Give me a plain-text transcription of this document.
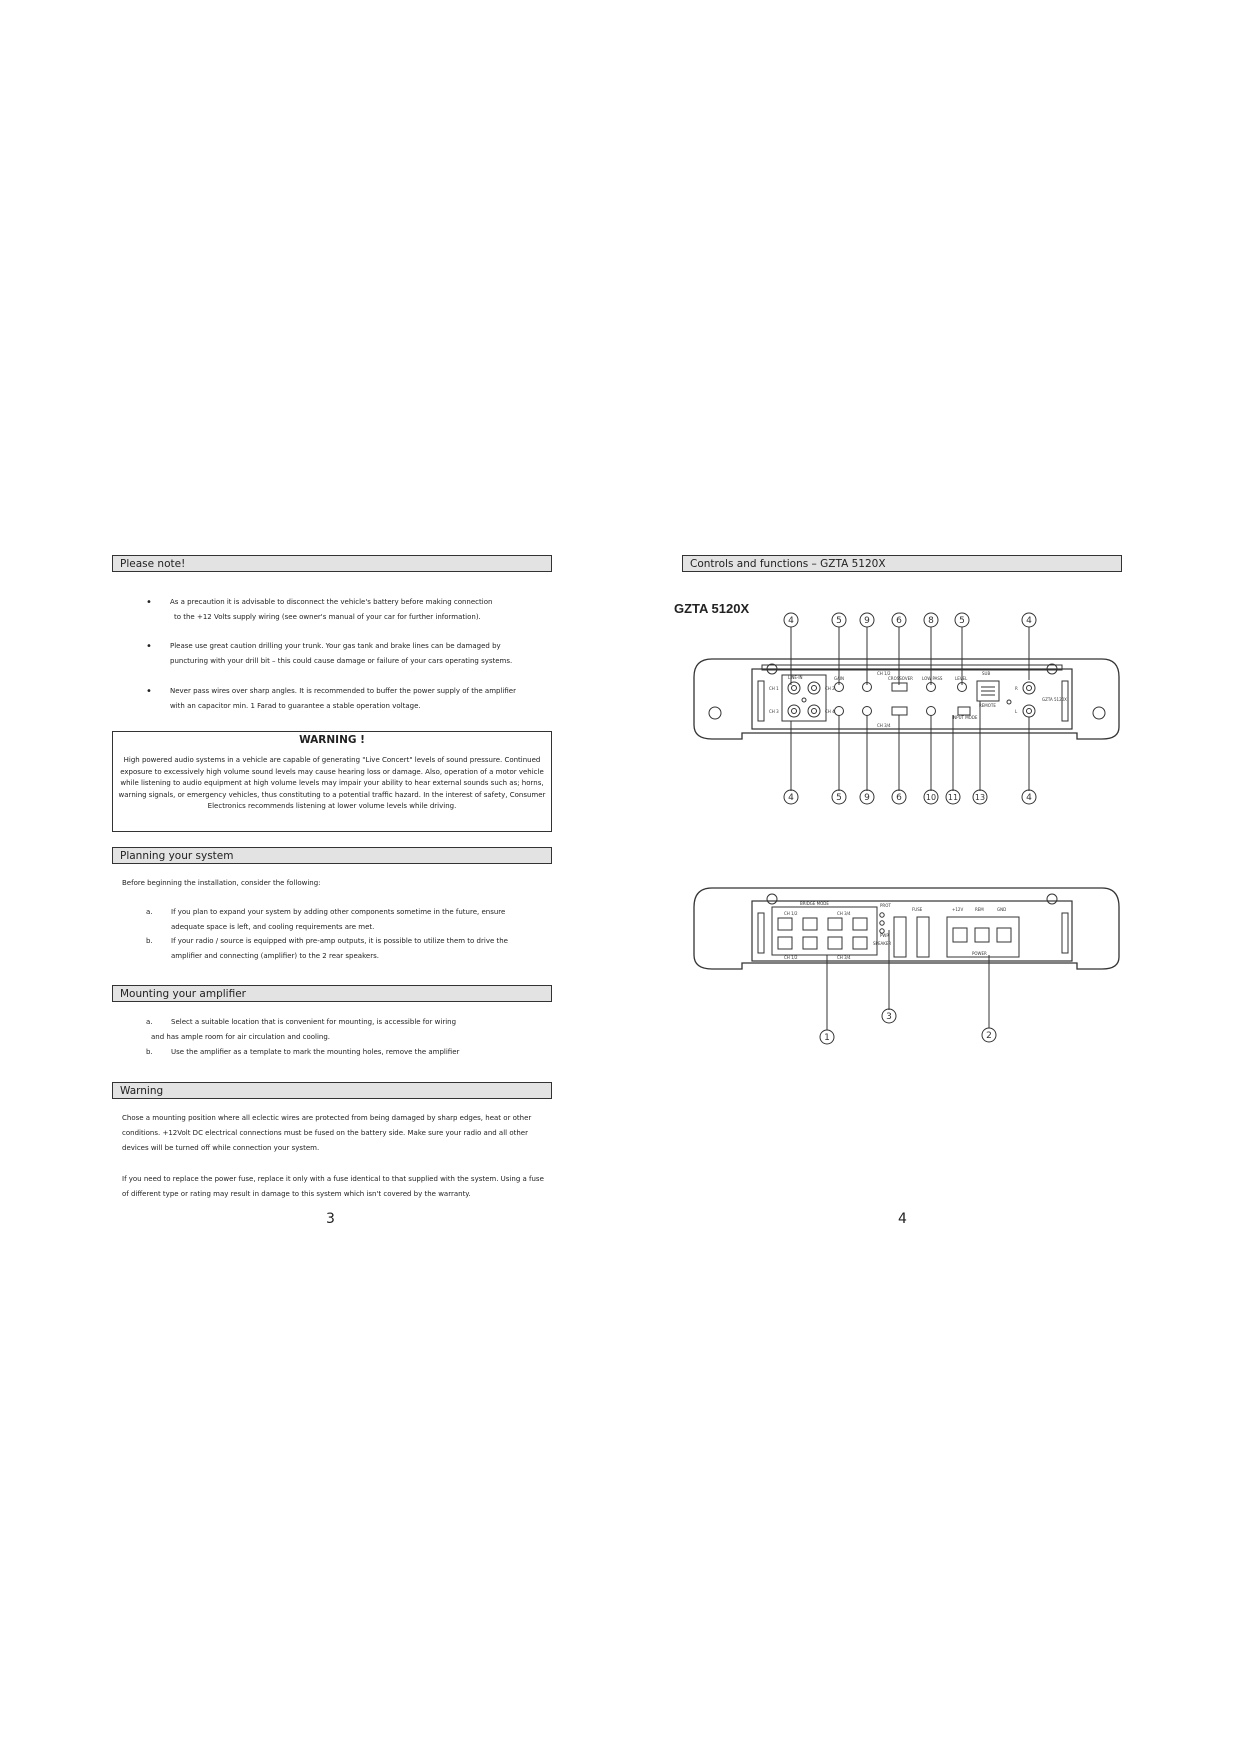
Please note!
•	As a precaution it is advisable to disconnect the vehicle's battery before making connection
to the +12 Volts supply wiring (see owner's manual of your car for further information).
•	Please use great caution drilling your trunk. Your gas tank and brake lines can be damaged by
puncturing with your drill bit – this could cause damage or failure of your cars operating systems.
•	Never pass wires over sharp angles. It is recommended to buffer the power supply of the amplifier
with an capacitor min. 1 Farad to guarantee a stable operation voltage.
WARNING !
High powered audio systems in a vehicle are capable of generating "Live Concert" levels of sound pressure. Continued exposure to excessively high volume sound levels may cause hearing loss or damage. Also, operation of a motor vehicle while listening to audio equipment at high volume levels may impair your ability to hear external sounds such as; horns, warning signals, or emergency vehicles, thus constituting to a potential traffic hazard. In the interest of safety, Consumer Electronics recommends listening at lower volume levels while driving.
Planning your system
Before beginning the installation, consider the following:
a.	If you plan to expand your system by adding other components sometime in the future, ensure
adequate space is left, and cooling requirements are met.
b.	If your radio / source is equipped with pre-amp outputs, it is possible to utilize them to drive the
amplifier and connecting (amplifier) to the 2 rear speakers.
Mounting your amplifier
a.	Select a suitable location that is convenient for mounting, is accessible for wiring
and has ample room for air circulation and cooling.
b.	Use the amplifier as a template to mark the mounting holes, remove the amplifier
Warning
Chose a mounting position where all eclectic wires are protected from being damaged by sharp edges, heat or other conditions. +12Volt DC electrical connections must be fused on the battery side. Make sure your radio and all other devices will be turned off while connection your system.
If you need to replace the power fuse, replace it only with a fuse identical to that supplied with the system. Using a fuse of different type or rating may result in damage to this system which isn't covered by the warranty.
3
Controls and functions – GZTA 5120X
GZTA 5120X
4	5 9	6	8	5	4
4	5 9	6	10 11 13	4
LINE-IN
CH 1	CH 2
CH 3	CH 4
CH 1/2
CH 3/4
GAIN	CROSSOVER LOW PASS	LEVEL
SUB
REMOTE
INPUT MODE
GZTA 5120X
R
L
1
3
2
BRIDGE MODE
CH 1/2	CH 3/4
CH 1/2	CH 3/4
SPEAKER
PROT
PWR
FUSE	+12V	REM	GND
POWER
4
